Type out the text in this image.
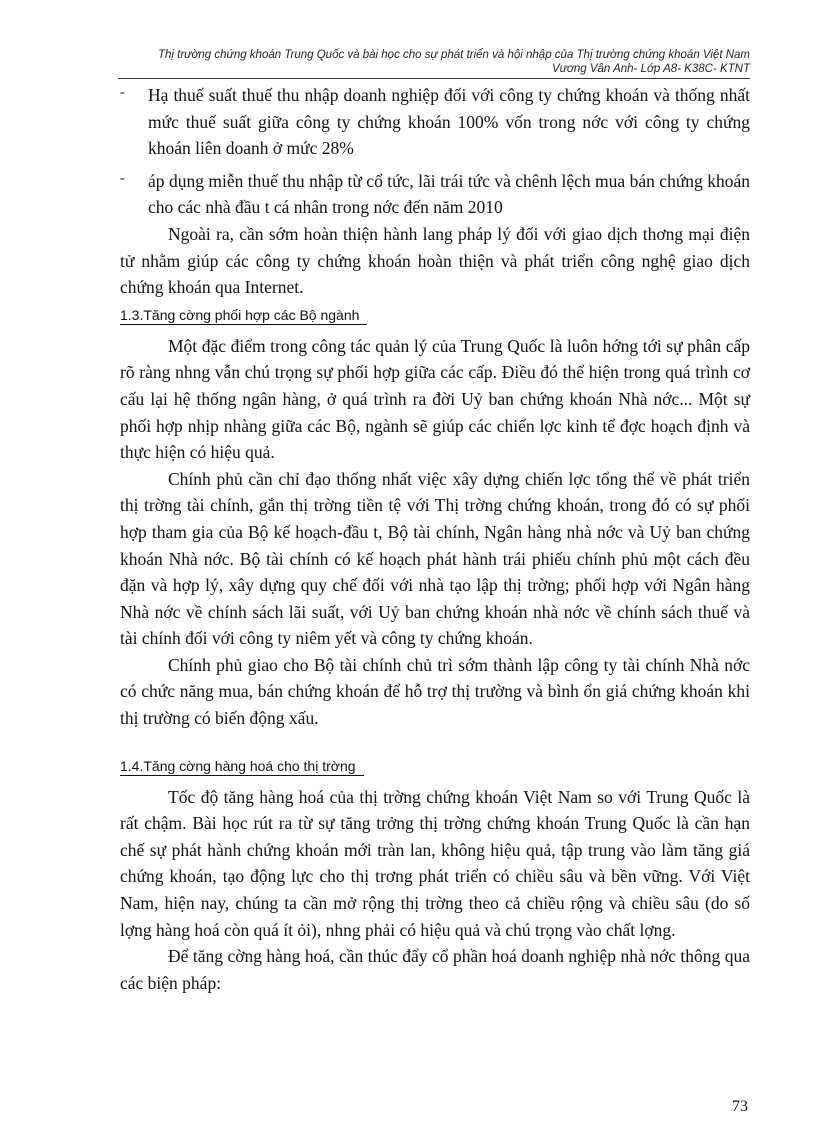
Thị trường chứng khoán Trung Quốc và bài học cho sự phát triển và hội nhập của Thị trường chứng khoán Việt Nam
Vương Vân Anh- Lớp A8- K38C- KTNT

- Hạ thuế suất thuế thu nhập doanh nghiệp đối với công ty chứng khoán và thống nhất mức thuế suất giữa công ty chứng khoán 100% vốn trong nớc với công ty chứng khoán liên doanh ở mức 28%

- áp dụng miễn thuế thu nhập từ cổ tức, lãi trái tức và chênh lệch mua bán chứng khoán cho các nhà đầu t cá nhân trong nớc đến năm 2010

Ngoài ra, cần sớm hoàn thiện hành lang pháp lý đối với giao dịch thơng mại điện tử nhằm giúp các công ty chứng khoán hoàn thiện và phát triển công nghệ giao dịch chứng khoán qua Internet.

1.3.Tăng cờng phối hợp các Bộ ngành

Một đặc điểm trong công tác quản lý của Trung Quốc là luôn hớng tới sự phân cấp rõ ràng nhng vẫn chú trọng sự phối hợp giữa các cấp. Điều đó thể hiện trong quá trình cơ cấu lại hệ thống ngân hàng, ở quá trình ra đời Uỷ ban chứng khoán Nhà nớc... Một sự phối hợp nhịp nhàng giữa các Bộ, ngành sẽ giúp các chiến lợc kinh tế đợc hoạch định và thực hiện có hiệu quả.

Chính phủ cần chỉ đạo thống nhất việc xây dựng chiến lợc tổng thể về phát triển thị trờng tài chính, gắn thị trờng tiền tệ với Thị trờng chứng khoán, trong đó có sự phối hợp tham gia của Bộ kế hoạch-đầu t, Bộ tài chính, Ngân hàng nhà nớc và Uỷ ban chứng khoán Nhà nớc. Bộ tài chính có kế hoạch phát hành trái phiếu chính phủ một cách đều đặn và hợp lý, xây dựng quy chế đối với nhà tạo lập thị trờng; phối hợp với Ngân hàng Nhà nớc về chính sách lãi suất, với Uỷ ban chứng khoán nhà nớc về chính sách thuế và tài chính đối với công ty niêm yết và công ty chứng khoán.

Chính phủ giao cho Bộ tài chính chủ trì sớm thành lập công ty tài chính Nhà nớc có chức năng mua, bán chứng khoán để hỗ trợ thị trường và bình ổn giá chứng khoán khi thị trường có biến động xấu.

1.4.Tăng cờng hàng hoá cho thị trờng

Tốc độ tăng hàng hoá của thị trờng chứng khoán Việt Nam so với Trung Quốc là rất chậm. Bài học rút ra từ sự tăng trởng thị trờng chứng khoán Trung Quốc là cần hạn chế sự phát hành chứng khoán mới tràn lan, không hiệu quả, tập trung vào làm tăng giá chứng khoán, tạo động lực cho thị trơng phát triển có chiều sâu và bền vững. Với Việt Nam, hiện nay, chúng ta cần mở rộng thị trờng theo cả chiều rộng và chiều sâu (do số lợng hàng hoá còn quá ít ỏi), nhng phải có hiệu quả và chú trọng vào chất lợng.

Để tăng cờng hàng hoá, cần thúc đẩy cổ phần hoá doanh nghiệp nhà nớc thông qua các biện pháp:

73
